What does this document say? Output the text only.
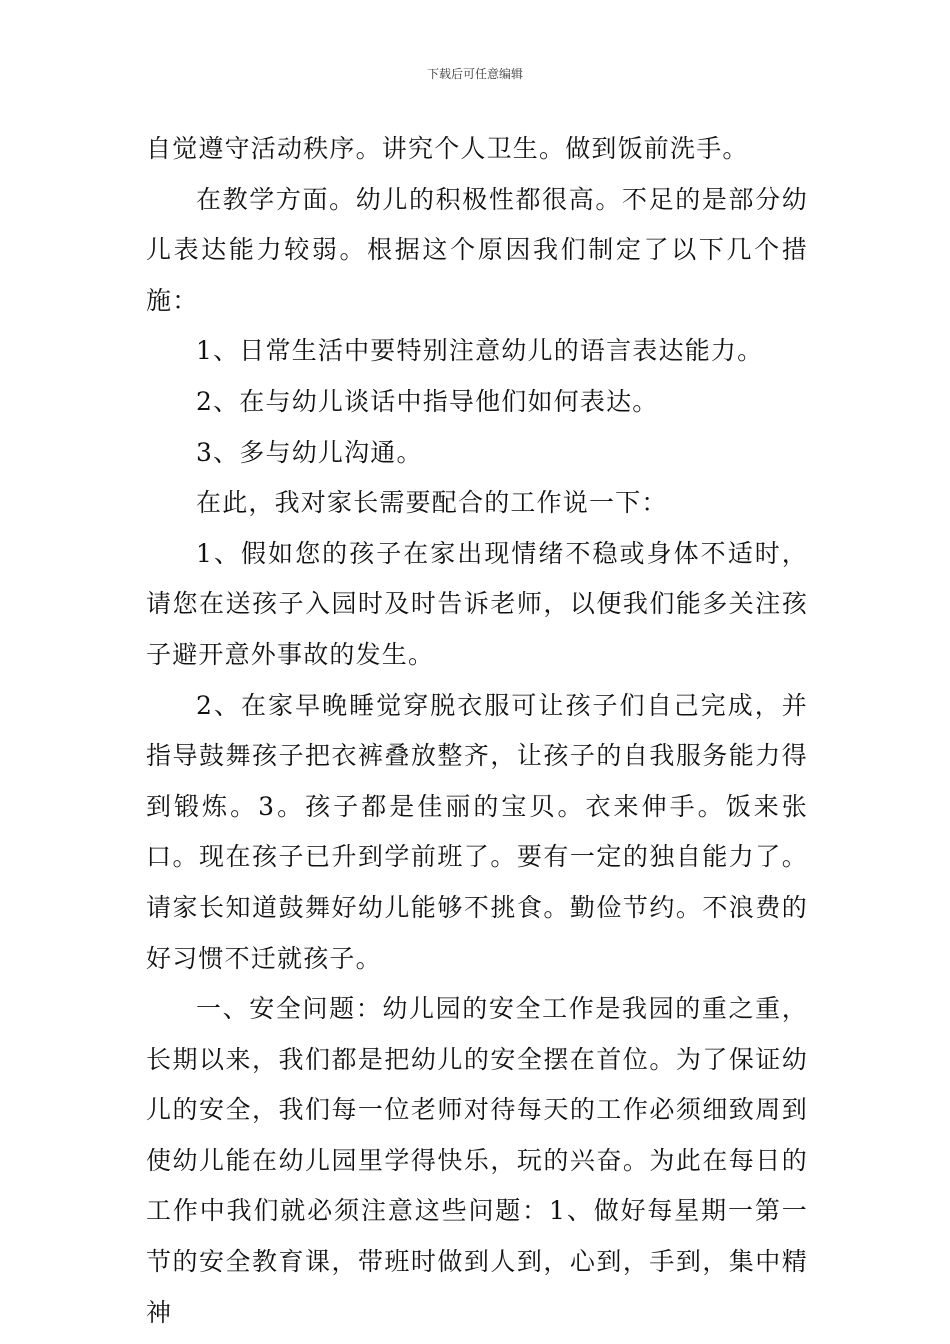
下载后可任意编辑

自觉遵守活动秩序。讲究个人卫生。做到饭前洗手。

在教学方面。幼儿的积极性都很高。不足的是部分幼儿表达能力较弱。根据这个原因我们制定了以下几个措施：

1、日常生活中要特别注意幼儿的语言表达能力。

2、在与幼儿谈话中指导他们如何表达。

3、多与幼儿沟通。

在此，我对家长需要配合的工作说一下：

1、假如您的孩子在家出现情绪不稳或身体不适时，请您在送孩子入园时及时告诉老师，以便我们能多关注孩子避开意外事故的发生。

2、在家早晚睡觉穿脱衣服可让孩子们自己完成，并指导鼓舞孩子把衣裤叠放整齐，让孩子的自我服务能力得到锻炼。3。孩子都是佳丽的宝贝。衣来伸手。饭来张口。现在孩子已升到学前班了。要有一定的独自能力了。请家长知道鼓舞好幼儿能够不挑食。勤俭节约。不浪费的好习惯不迁就孩子。

一、安全问题：幼儿园的安全工作是我园的重之重，长期以来，我们都是把幼儿的安全摆在首位。为了保证幼儿的安全，我们每一位老师对待每天的工作必须细致周到使幼儿能在幼儿园里学得快乐，玩的兴奋。为此在每日的工作中我们就必须注意这些问题：1、做好每星期一第一节的安全教育课，带班时做到人到，心到，手到，集中精神
